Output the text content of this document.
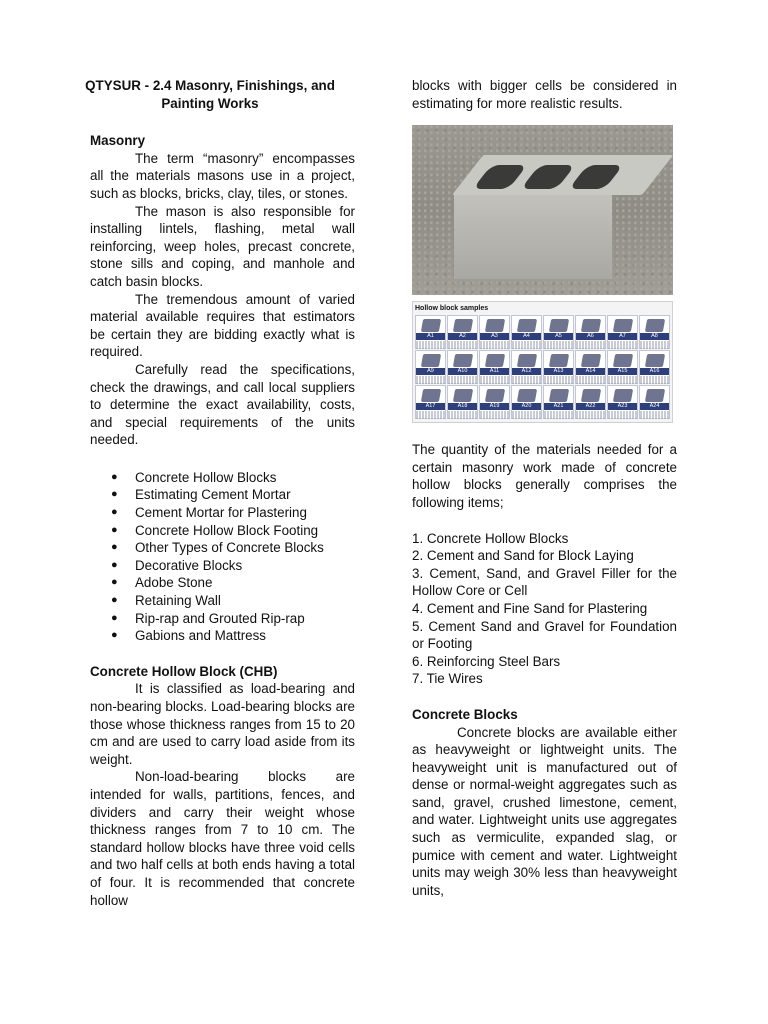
QTYSUR - 2.4 Masonry, Finishings, and Painting Works
Masonry

The term “masonry” encompasses all the materials masons use in a project, such as blocks, bricks, clay, tiles, or stones.

The mason is also responsible for installing lintels, flashing, metal wall reinforcing, weep holes, precast concrete, stone sills and coping, and manhole and catch basin blocks.

The tremendous amount of varied material available requires that estimators be certain they are bidding exactly what is required.

Carefully read the specifications, check the drawings, and call local suppliers to determine the exact availability, costs, and special requirements of the units needed.

● Concrete Hollow Blocks
● Estimating Cement Mortar
● Cement Mortar for Plastering
● Concrete Hollow Block Footing
● Other Types of Concrete Blocks
● Decorative Blocks
● Adobe Stone
● Retaining Wall
● Rip-rap and Grouted Rip-rap
● Gabions and Mattress
Concrete Hollow Block (CHB)

It is classified as load-bearing and non-bearing blocks. Load-bearing blocks are those whose thickness ranges from 15 to 20 cm and are used to carry load aside from its weight.

Non-load-bearing blocks are intended for walls, partitions, fences, and dividers and carry their weight whose thickness ranges from 7 to 10 cm. The standard hollow blocks have three void cells and two half cells at both ends having a total of four. It is recommended that concrete hollow

blocks with bigger cells be considered in estimating for more realistic results.

Hollow block samples
A1	A2	A3	A4	A5	A6	A7	A8
A9	A10	A11	A12	A13	A14	A15	A16
A17	A18	A19	A20	A21	A22	A23	A24

The quantity of the materials needed for a certain masonry work made of concrete hollow blocks generally comprises the following items;

1. Concrete Hollow Blocks
2. Cement and Sand for Block Laying
3. Cement, Sand, and Gravel Filler for the Hollow Core or Cell
4. Cement and Fine Sand for Plastering
5. Cement Sand and Gravel for Foundation or Footing
6. Reinforcing Steel Bars
7. Tie Wires
Concrete Blocks

Concrete blocks are available either as heavyweight or lightweight units. The heavyweight unit is manufactured out of dense or normal-weight aggregates such as sand, gravel, crushed limestone, cement, and water. Lightweight units use aggregates such as vermiculite, expanded slag, or pumice with cement and water. Lightweight units may weigh 30% less than heavyweight units,
